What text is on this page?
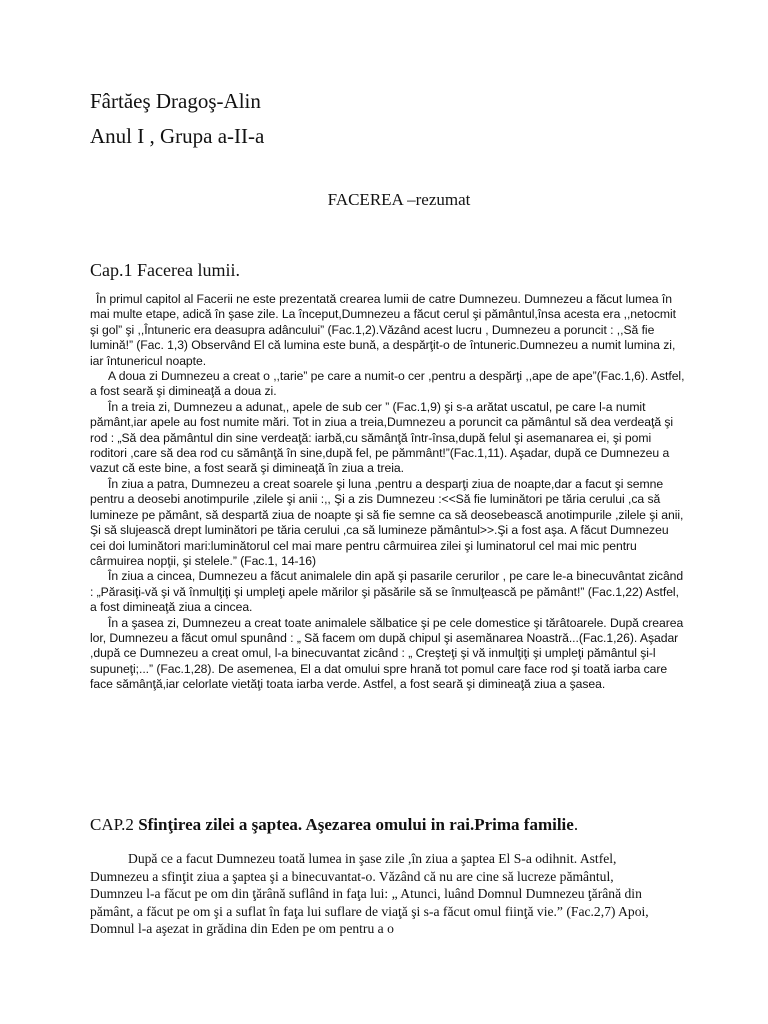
Fârtăeş Dragoş-Alin
Anul I , Grupa a-II-a
FACEREA –rezumat
Cap.1 Facerea lumii.

În primul capitol al Facerii ne este prezentată crearea lumii de catre Dumnezeu. Dumnezeu a făcut lumea în mai multe etape, adică în şase zile. La început,Dumnezeu a făcut cerul şi pământul,însa acesta era ,,netocmit şi gol” şi ,,Întuneric era deasupra adâncului” (Fac.1,2).Văzând acest lucru , Dumnezeu a poruncit : ,,Să fie lumină!” (Fac. 1,3) Observând El că lumina este bună, a despărţit-o de întuneric.Dumnezeu a numit lumina zi, iar întunericul noapte.

A doua zi Dumnezeu a creat o ,,tarie” pe care a numit-o cer ,pentru a despărţi ,,ape de ape”(Fac.1,6). Astfel, a fost seară şi dimineaţă a doua zi.

În a treia zi, Dumnezeu a adunat,, apele de sub cer ” (Fac.1,9) şi s-a arătat uscatul, pe care l-a numit pământ,iar apele au fost numite mări. Tot in ziua a treia,Dumnezeu a poruncit ca pământul să dea verdeaţă şi rod : „Să dea pământul din sine verdeaţă: iarbă,cu sămânţă într-însa,după felul şi asemanarea ei, şi pomi roditori ,care să dea rod cu sămânţă în sine,după fel, pe pămmânt!”(Fac.1,11). Aşadar, după ce Dumnezeu a vazut că este bine, a fost seară şi dimineaţă în ziua a treia.

În ziua a patra, Dumnezeu a creat soarele şi luna ,pentru a desparţi ziua de noapte,dar a facut şi semne pentru a deosebi anotimpurile ,zilele şi anii :,, Şi a zis Dumnezeu :<<Să fie luminători pe tăria cerului ,ca să lumineze pe pământ, să despartă ziua de noapte şi să fie semne ca să deosebească anotimpurile ,zilele şi anii, Şi să slujească drept luminători pe tăria cerului ,ca să lumineze pământul>>.Şi a fost aşa. A făcut Dumnezeu cei doi luminători mari:luminătorul cel mai mare pentru cârmuirea zilei şi luminatorul cel mai mic pentru cârmuirea nopţii, şi stelele.” (Fac.1, 14-16)

În ziua a cincea, Dumnezeu a făcut animalele din apă şi pasarile cerurilor , pe care le-a binecuvântat zicând : „Părasiţi-vă şi vă înmulţiţi şi umpleţi apele mărilor şi păsările să se înmulţească pe pământ!” (Fac.1,22) Astfel, a fost dimineaţă ziua a cincea.

În a şasea zi, Dumnezeu a creat toate animalele sălbatice şi pe cele domestice şi tărâtoarele. După crearea lor, Dumnezeu a făcut omul spunând : „ Să facem om după chipul şi asemănarea Noastră...(Fac.1,26). Aşadar ,după ce Dumnezeu a creat omul, l-a binecuvantat zicând : „ Creşteţi şi vă inmulţiţi şi umpleţi pământul şi-l supuneţi;...” (Fac.1,28). De asemenea, El a dat omului spre hrană tot pomul care face rod şi toată iarba care face sămânţă,iar celorlate vietăţi toata iarba verde. Astfel, a fost seară şi dimineaţă ziua a şasea.

CAP.2 Sfinţirea zilei a şaptea. Aşezarea omului in rai.Prima familie.

După ce a facut Dumnezeu toată lumea in şase zile ,în ziua a şaptea El S-a odihnit. Astfel, Dumnezeu a sfinţit ziua a şaptea şi a binecuvantat-o. Văzând că nu are cine să lucreze pământul, Dumnzeu l-a făcut pe om din ţărână suflând in faţa lui: „ Atunci, luând Domnul Dumnezeu ţărână din pământ, a făcut pe om şi a suflat în faţa lui suflare de viaţă şi s-a făcut omul fiinţă vie.” (Fac.2,7) Apoi, Domnul l-a aşezat in grădina din Eden pe om pentru a o
